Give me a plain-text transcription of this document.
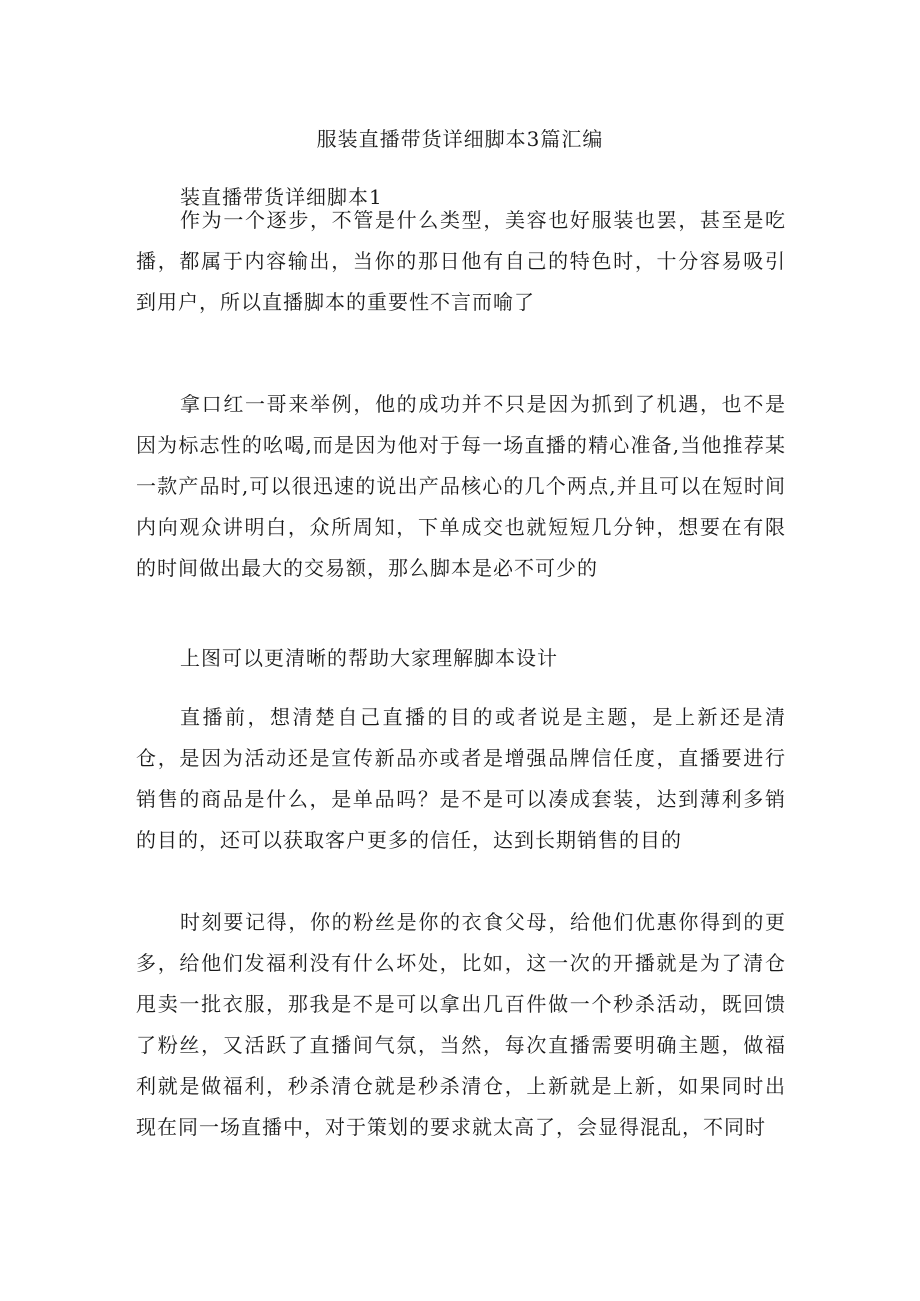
服装直播带货详细脚本3篇汇编
装直播带货详细脚本1

作为一个逐步，不管是什么类型，美容也好服装也罢，甚至是吃播，都属于内容输出，当你的那日他有自己的特色时，十分容易吸引到用户，所以直播脚本的重要性不言而喻了

拿口红一哥来举例，他的成功并不只是因为抓到了机遇，也不是因为标志性的吆喝,而是因为他对于每一场直播的精心准备,当他推荐某一款产品时,可以很迅速的说出产品核心的几个两点,并且可以在短时间内向观众讲明白，众所周知，下单成交也就短短几分钟，想要在有限的时间做出最大的交易额，那么脚本是必不可少的

上图可以更清晰的帮助大家理解脚本设计

直播前，想清楚自己直播的目的或者说是主题，是上新还是清仓，是因为活动还是宣传新品亦或者是增强品牌信任度，直播要进行销售的商品是什么，是单品吗？是不是可以凑成套装，达到薄利多销的目的，还可以获取客户更多的信任，达到长期销售的目的

时刻要记得，你的粉丝是你的衣食父母，给他们优惠你得到的更多，给他们发福利没有什么坏处，比如，这一次的开播就是为了清仓甩卖一批衣服，那我是不是可以拿出几百件做一个秒杀活动，既回馈了粉丝，又活跃了直播间气氛，当然，每次直播需要明确主题，做福利就是做福利，秒杀清仓就是秒杀清仓，上新就是上新，如果同时出现在同一场直播中，对于策划的要求就太高了，会显得混乱，不同时
